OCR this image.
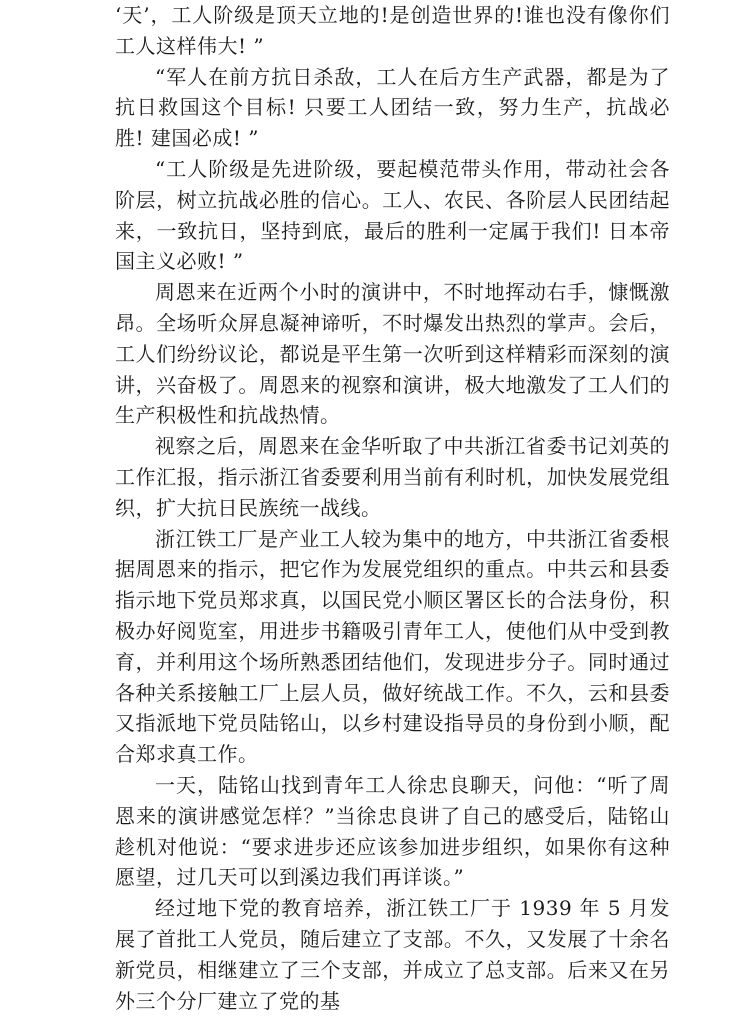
‘天’，工人阶级是顶天立地的!是创造世界的!谁也没有像你们工人这样伟大! ”

“军人在前方抗日杀敌，工人在后方生产武器，都是为了抗日救国这个目标! 只要工人团结一致，努力生产，抗战必胜! 建国必成! ”

“工人阶级是先进阶级，要起模范带头作用，带动社会各阶层，树立抗战必胜的信心。工人、农民、各阶层人民团结起来，一致抗日，坚持到底，最后的胜利一定属于我们! 日本帝国主义必败! ”

周恩来在近两个小时的演讲中，不时地挥动右手，慷慨激昂。全场听众屏息凝神谛听，不时爆发出热烈的掌声。会后，工人们纷纷议论，都说是平生第一次听到这样精彩而深刻的演讲，兴奋极了。周恩来的视察和演讲，极大地激发了工人们的生产积极性和抗战热情。

视察之后，周恩来在金华听取了中共浙江省委书记刘英的工作汇报，指示浙江省委要利用当前有利时机，加快发展党组织，扩大抗日民族统一战线。

浙江铁工厂是产业工人较为集中的地方，中共浙江省委根据周恩来的指示，把它作为发展党组织的重点。中共云和县委指示地下党员郑求真，以国民党小顺区署区长的合法身份，积极办好阅览室，用进步书籍吸引青年工人，使他们从中受到教育，并利用这个场所熟悉团结他们，发现进步分子。同时通过各种关系接触工厂上层人员，做好统战工作。不久，云和县委又指派地下党员陆铭山，以乡村建设指导员的身份到小顺，配合郑求真工作。

一天，陆铭山找到青年工人徐忠良聊天，问他：“听了周恩来的演讲感觉怎样？”当徐忠良讲了自己的感受后，陆铭山趁机对他说：“要求进步还应该参加进步组织，如果你有这种愿望，过几天可以到溪边我们再详谈。”

经过地下党的教育培养，浙江铁工厂于 1939 年 5 月发展了首批工人党员，随后建立了支部。不久，又发展了十余名新党员，相继建立了三个支部，并成立了总支部。后来又在另外三个分厂建立了党的基
